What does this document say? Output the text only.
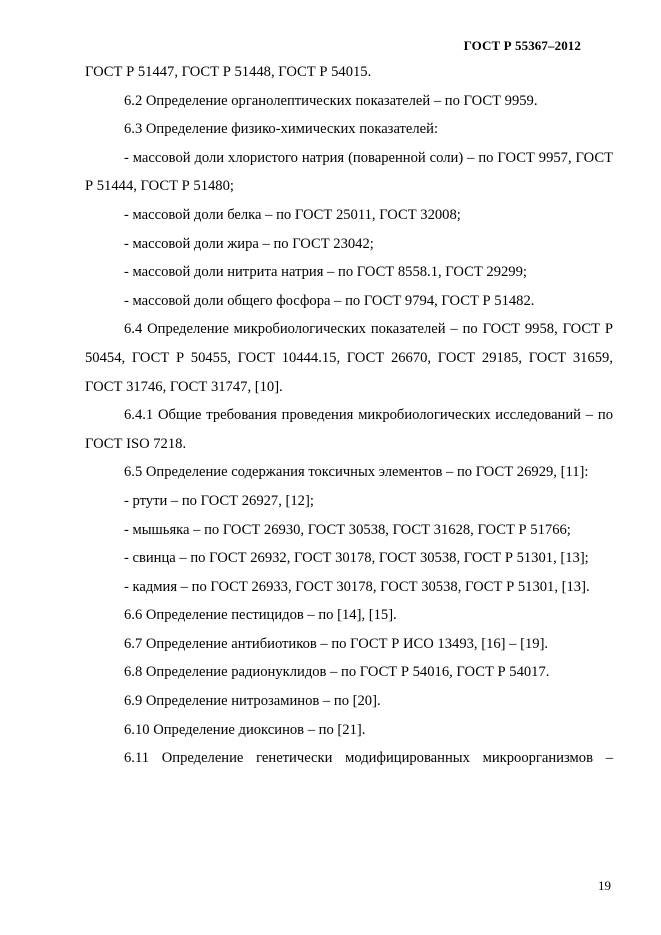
ГОСТ Р 55367–2012

ГОСТ Р 51447, ГОСТ Р 51448, ГОСТ Р 54015.

6.2 Определение органолептических показателей – по ГОСТ 9959.

6.3 Определение физико-химических показателей:

- массовой доли хлористого натрия (поваренной соли) – по ГОСТ 9957, ГОСТ Р 51444, ГОСТ Р 51480;

- массовой доли белка – по ГОСТ 25011, ГОСТ 32008;

- массовой доли жира – по ГОСТ 23042;

- массовой доли нитрита натрия – по ГОСТ 8558.1, ГОСТ 29299;

- массовой доли общего фосфора – по ГОСТ 9794, ГОСТ Р 51482.

6.4 Определение микробиологических показателей – по ГОСТ 9958, ГОСТ Р 50454, ГОСТ Р 50455, ГОСТ 10444.15, ГОСТ 26670, ГОСТ 29185, ГОСТ 31659, ГОСТ 31746, ГОСТ 31747, [10].

6.4.1 Общие требования проведения микробиологических исследований – по ГОСТ ISO 7218.

6.5 Определение содержания токсичных элементов – по ГОСТ 26929, [11]:

- ртути – по ГОСТ 26927, [12];

- мышьяка – по ГОСТ 26930, ГОСТ 30538, ГОСТ 31628, ГОСТ Р 51766;

- свинца – по ГОСТ 26932, ГОСТ 30178, ГОСТ 30538, ГОСТ Р 51301, [13];

- кадмия – по ГОСТ 26933, ГОСТ 30178, ГОСТ 30538, ГОСТ Р 51301, [13].

6.6 Определение пестицидов – по [14], [15].

6.7 Определение антибиотиков – по ГОСТ Р ИСО 13493, [16] – [19].

6.8 Определение радионуклидов – по ГОСТ Р 54016, ГОСТ Р 54017.

6.9 Определение нитрозаминов – по [20].

6.10 Определение диоксинов – по [21].

6.11 Определение генетически модифицированных микроорганизмов –

19
